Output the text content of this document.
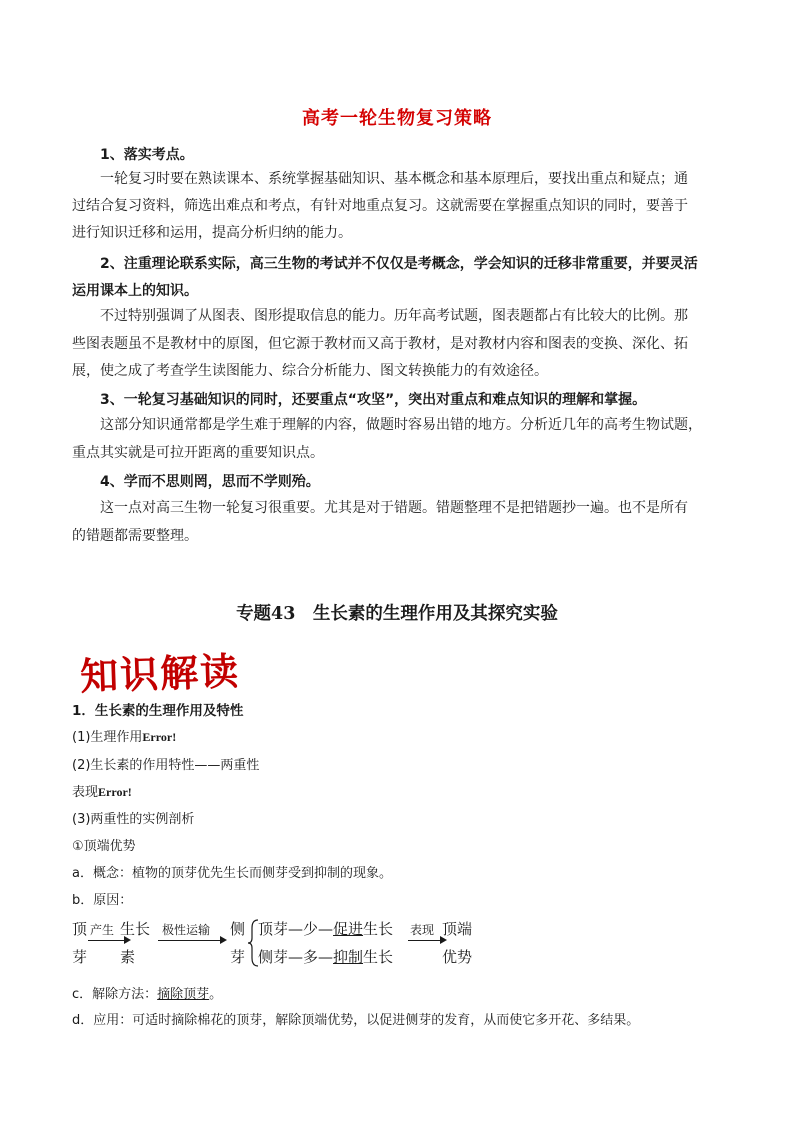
高考一轮生物复习策略
1、落实考点。
一轮复习时要在熟读课本、系统掌握基础知识、基本概念和基本原理后，要找出重点和疑点；通
过结合复习资料，筛选出难点和考点，有针对地重点复习。这就需要在掌握重点知识的同时，要善于
进行知识迁移和运用，提高分析归纳的能力。
2、注重理论联系实际，高三生物的考试并不仅仅是考概念，学会知识的迁移非常重要，并要灵活
运用课本上的知识。
不过特别强调了从图表、图形提取信息的能力。历年高考试题，图表题都占有比较大的比例。那
些图表题虽不是教材中的原图，但它源于教材而又高于教材，是对教材内容和图表的变换、深化、拓
展，使之成了考查学生读图能力、综合分析能力、图文转换能力的有效途径。
3、一轮复习基础知识的同时，还要重点“攻坚”，突出对重点和难点知识的理解和掌握。
这部分知识通常都是学生难于理解的内容，做题时容易出错的地方。分析近几年的高考生物试题，
重点其实就是可拉开距离的重要知识点。
4、学而不思则罔，思而不学则殆。
这一点对高三生物一轮复习很重要。尤其是对于错题。错题整理不是把错题抄一遍。也不是所有
的错题都需要整理。
专题43　生长素的生理作用及其探究实验
知识解读
1．生长素的生理作用及特性
(1)生理作用Error!
(2)生长素的作用特性——两重性
表现Error!
(3)两重性的实例剖析
①顶端优势
a．概念：植物的顶芽优先生长而侧芽受到抑制的现象。
b．原因：
顶
芽
产生 生长
素
极性运输 侧
芽
顶芽—少—促进生长
侧芽—多—抑制生长
表现 顶端
优势
c．解除方法：摘除顶芽。
d．应用：可适时摘除棉花的顶芽，解除顶端优势，以促进侧芽的发育，从而使它多开花、多结果。
